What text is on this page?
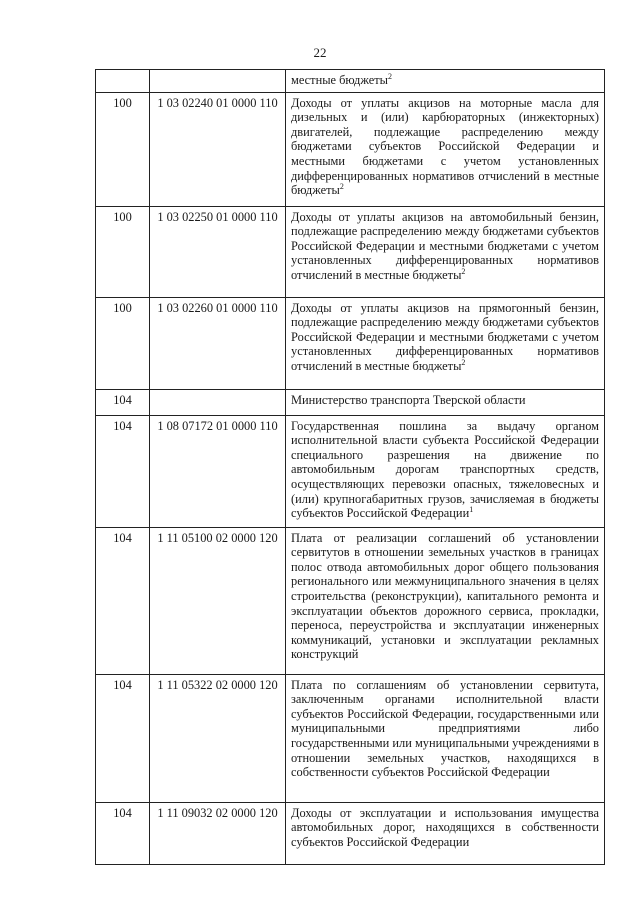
22
		местные бюджеты$^2$
100	1 03 02240 01 0000 110	Доходы от уплаты акцизов на моторные масла для дизельных и (или) карбюраторных (инжекторных) двигателей, подлежащие распределению между бюджетами субъектов Российской Федерации и местными бюджетами с учетом установленных дифференцированных нормативов отчислений в местные бюджеты$^2$
100	1 03 02250 01 0000 110	Доходы от уплаты акцизов на автомобильный бензин, подлежащие распределению между бюджетами субъектов Российской Федерации и местными бюджетами с учетом установленных дифференцированных нормативов отчислений в местные бюджеты$^2$
100	1 03 02260 01 0000 110	Доходы от уплаты акцизов на прямогонный бензин, подлежащие распределению между бюджетами субъектов Российской Федерации и местными бюджетами с учетом установленных дифференцированных нормативов отчислений в местные бюджеты$^2$
104		Министерство транспорта Тверской области
104	1 08 07172 01 0000 110	Государственная пошлина за выдачу органом исполнительной власти субъекта Российской Федерации специального разрешения на движение по автомобильным дорогам транспортных средств, осуществляющих перевозки опасных, тяжеловесных и (или) крупногабаритных грузов, зачисляемая в бюджеты субъектов Российской Федерации$^1$
104	1 11 05100 02 0000 120	Плата от реализации соглашений об установлении сервитутов в отношении земельных участков в границах полос отвода автомобильных дорог общего пользования регионального или межмуниципального значения в целях строительства (реконструкции), капитального ремонта и эксплуатации объектов дорожного сервиса, прокладки, переноса, переустройства и эксплуатации инженерных коммуникаций, установки и эксплуатации рекламных конструкций
104	1 11 05322 02 0000 120	Плата по соглашениям об установлении сервитута, заключенным органами исполнительной власти субъектов Российской Федерации, государственными или муниципальными предприятиями либо государственными или муниципальными учреждениями в отношении земельных участков, находящихся в собственности субъектов Российской Федерации
104	1 11 09032 02 0000 120	Доходы от эксплуатации и использования имущества автомобильных дорог, находящихся в собственности субъектов Российской Федерации
